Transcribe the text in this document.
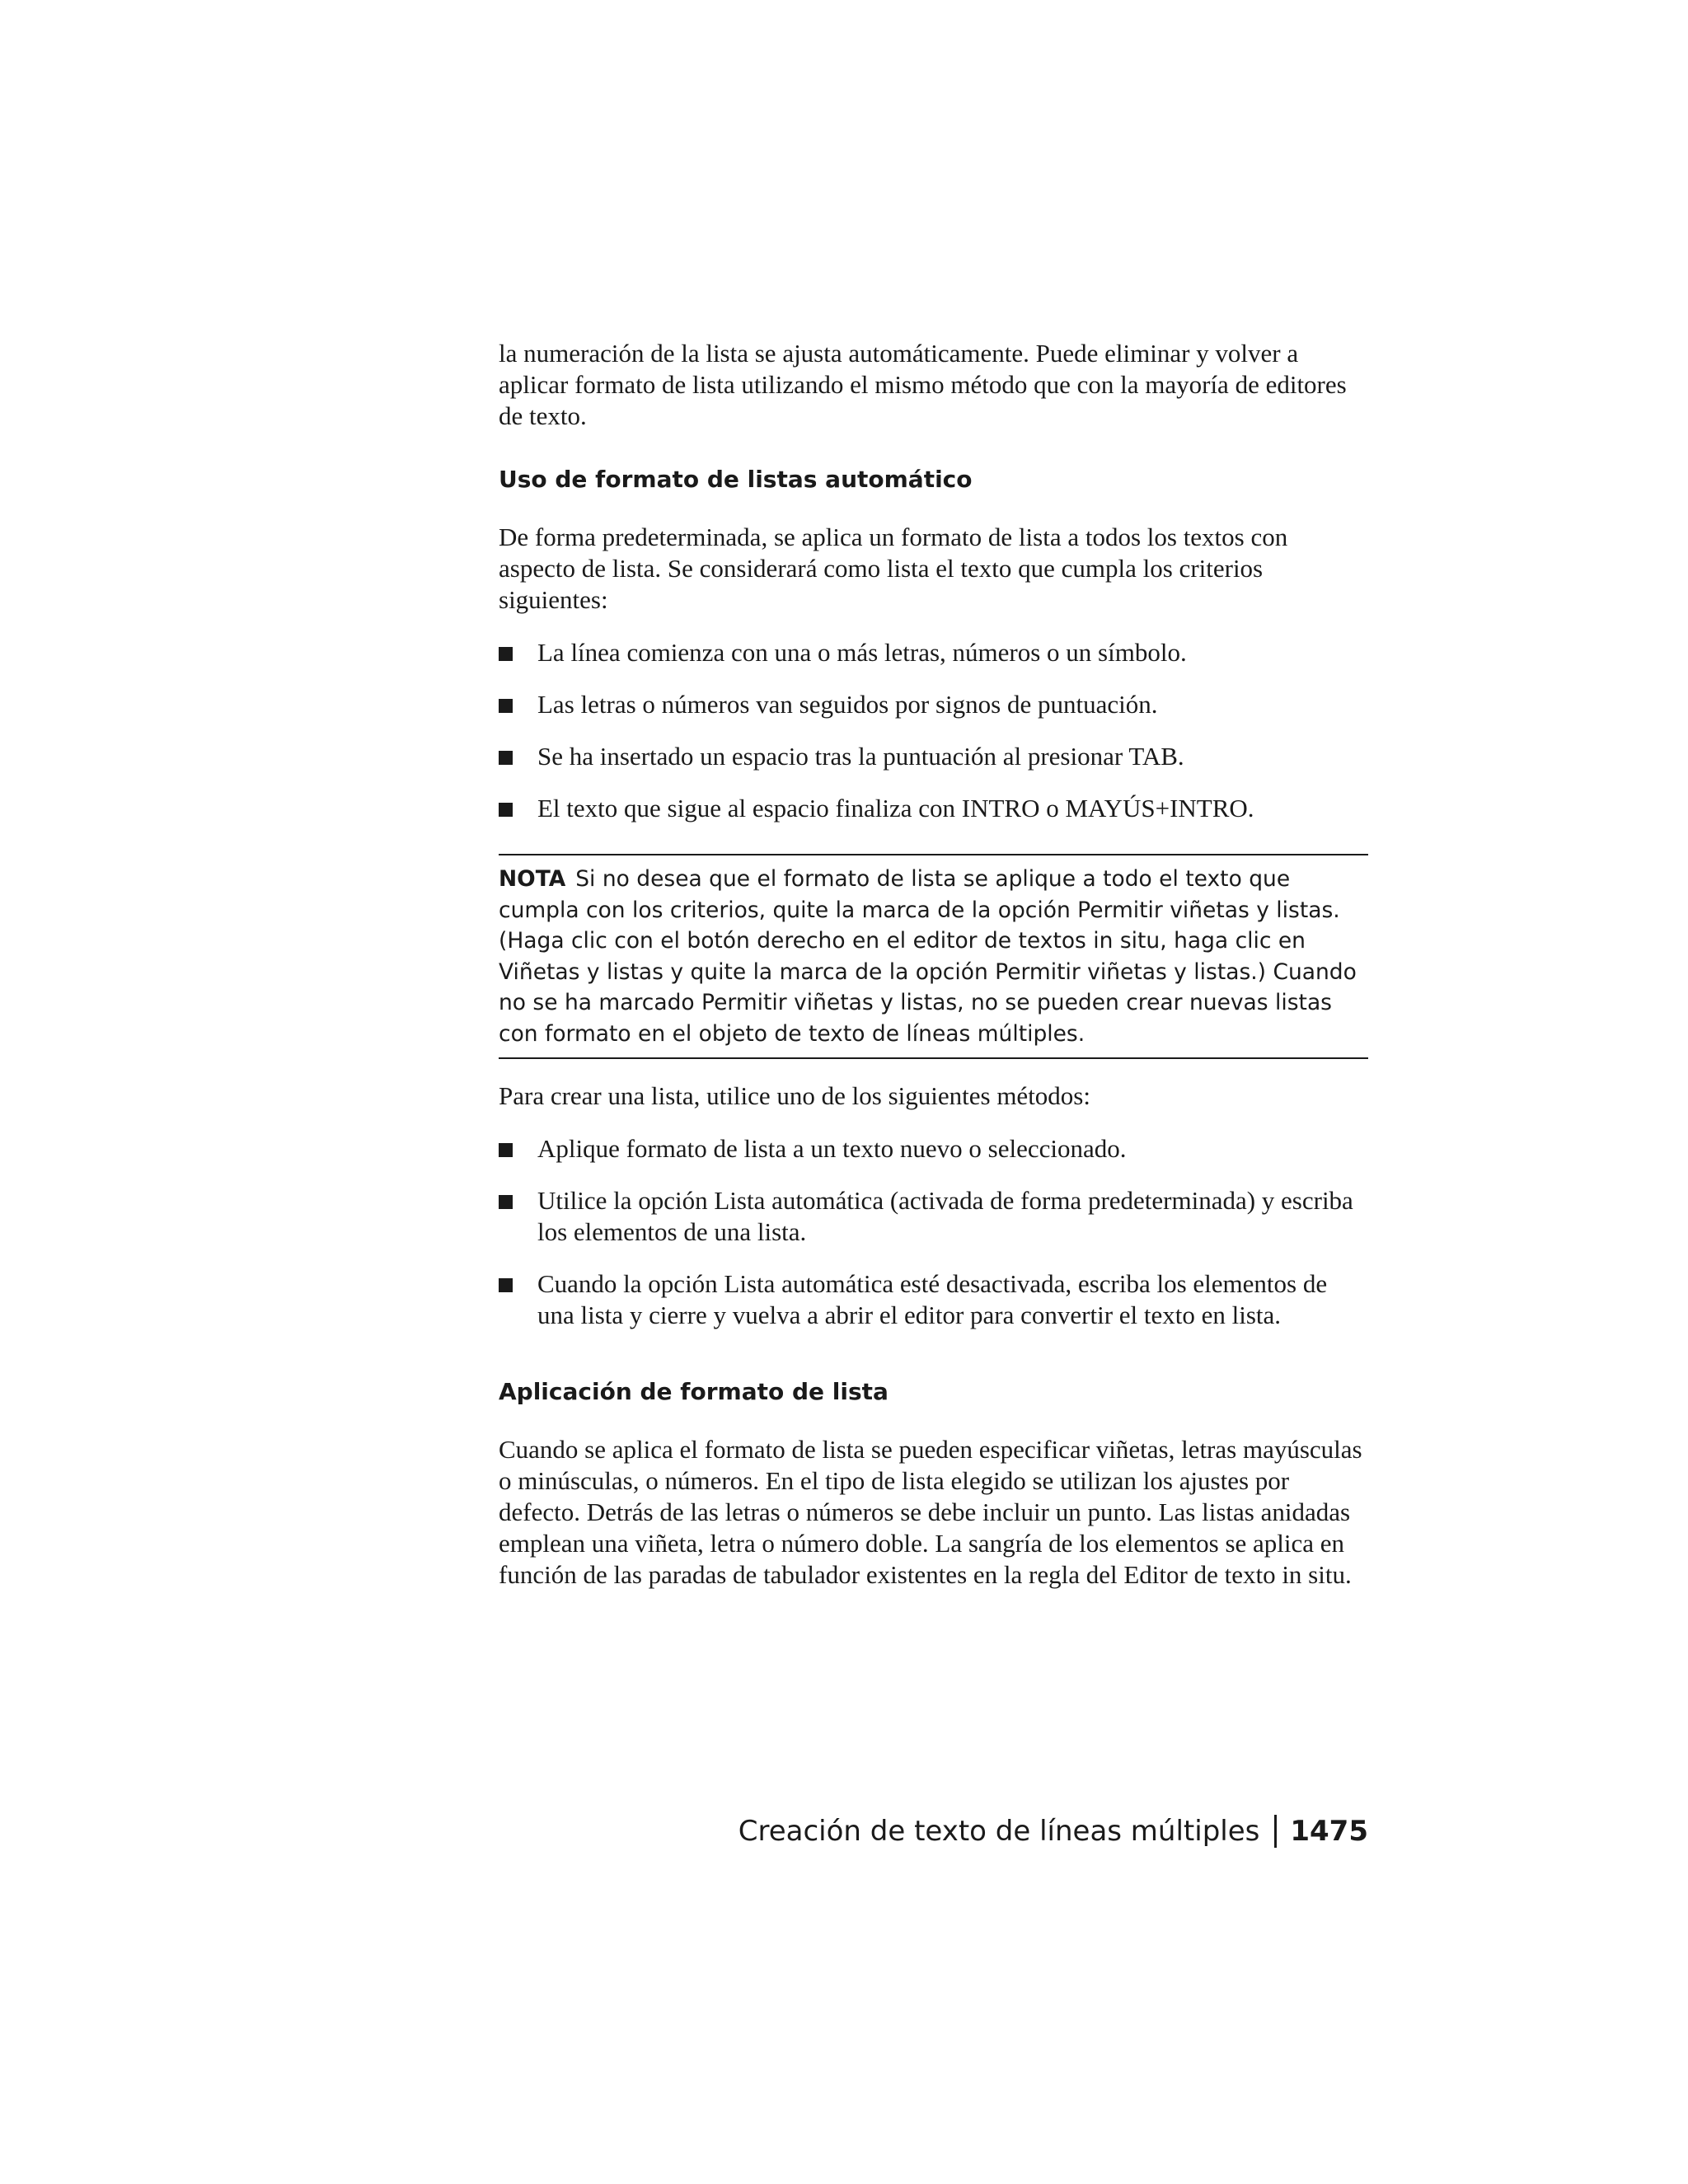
la numeración de la lista se ajusta automáticamente. Puede eliminar y volver a aplicar formato de lista utilizando el mismo método que con la mayoría de editores de texto.

Uso de formato de listas automático

De forma predeterminada, se aplica un formato de lista a todos los textos con aspecto de lista. Se considerará como lista el texto que cumpla los criterios siguientes:

La línea comienza con una o más letras, números o un símbolo.
Las letras o números van seguidos por signos de puntuación.
Se ha insertado un espacio tras la puntuación al presionar TAB.
El texto que sigue al espacio finaliza con INTRO o MAYÚS+INTRO.
NOTA Si no desea que el formato de lista se aplique a todo el texto que cumpla con los criterios, quite la marca de la opción Permitir viñetas y listas. (Haga clic con el botón derecho en el editor de textos in situ, haga clic en Viñetas y listas y quite la marca de la opción Permitir viñetas y listas.) Cuando no se ha marcado Permitir viñetas y listas, no se pueden crear nuevas listas con formato en el objeto de texto de líneas múltiples.

Para crear una lista, utilice uno de los siguientes métodos:

Aplique formato de lista a un texto nuevo o seleccionado.
Utilice la opción Lista automática (activada de forma predeterminada) y escriba los elementos de una lista.
Cuando la opción Lista automática esté desactivada, escriba los elementos de una lista y cierre y vuelva a abrir el editor para convertir el texto en lista.
Aplicación de formato de lista

Cuando se aplica el formato de lista se pueden especificar viñetas, letras mayúsculas o minúsculas, o números. En el tipo de lista elegido se utilizan los ajustes por defecto. Detrás de las letras o números se debe incluir un punto. Las listas anidadas emplean una viñeta, letra o número doble. La sangría de los elementos se aplica en función de las paradas de tabulador existentes en la regla del Editor de texto in situ.

Creación de texto de líneas múltiples 1475
